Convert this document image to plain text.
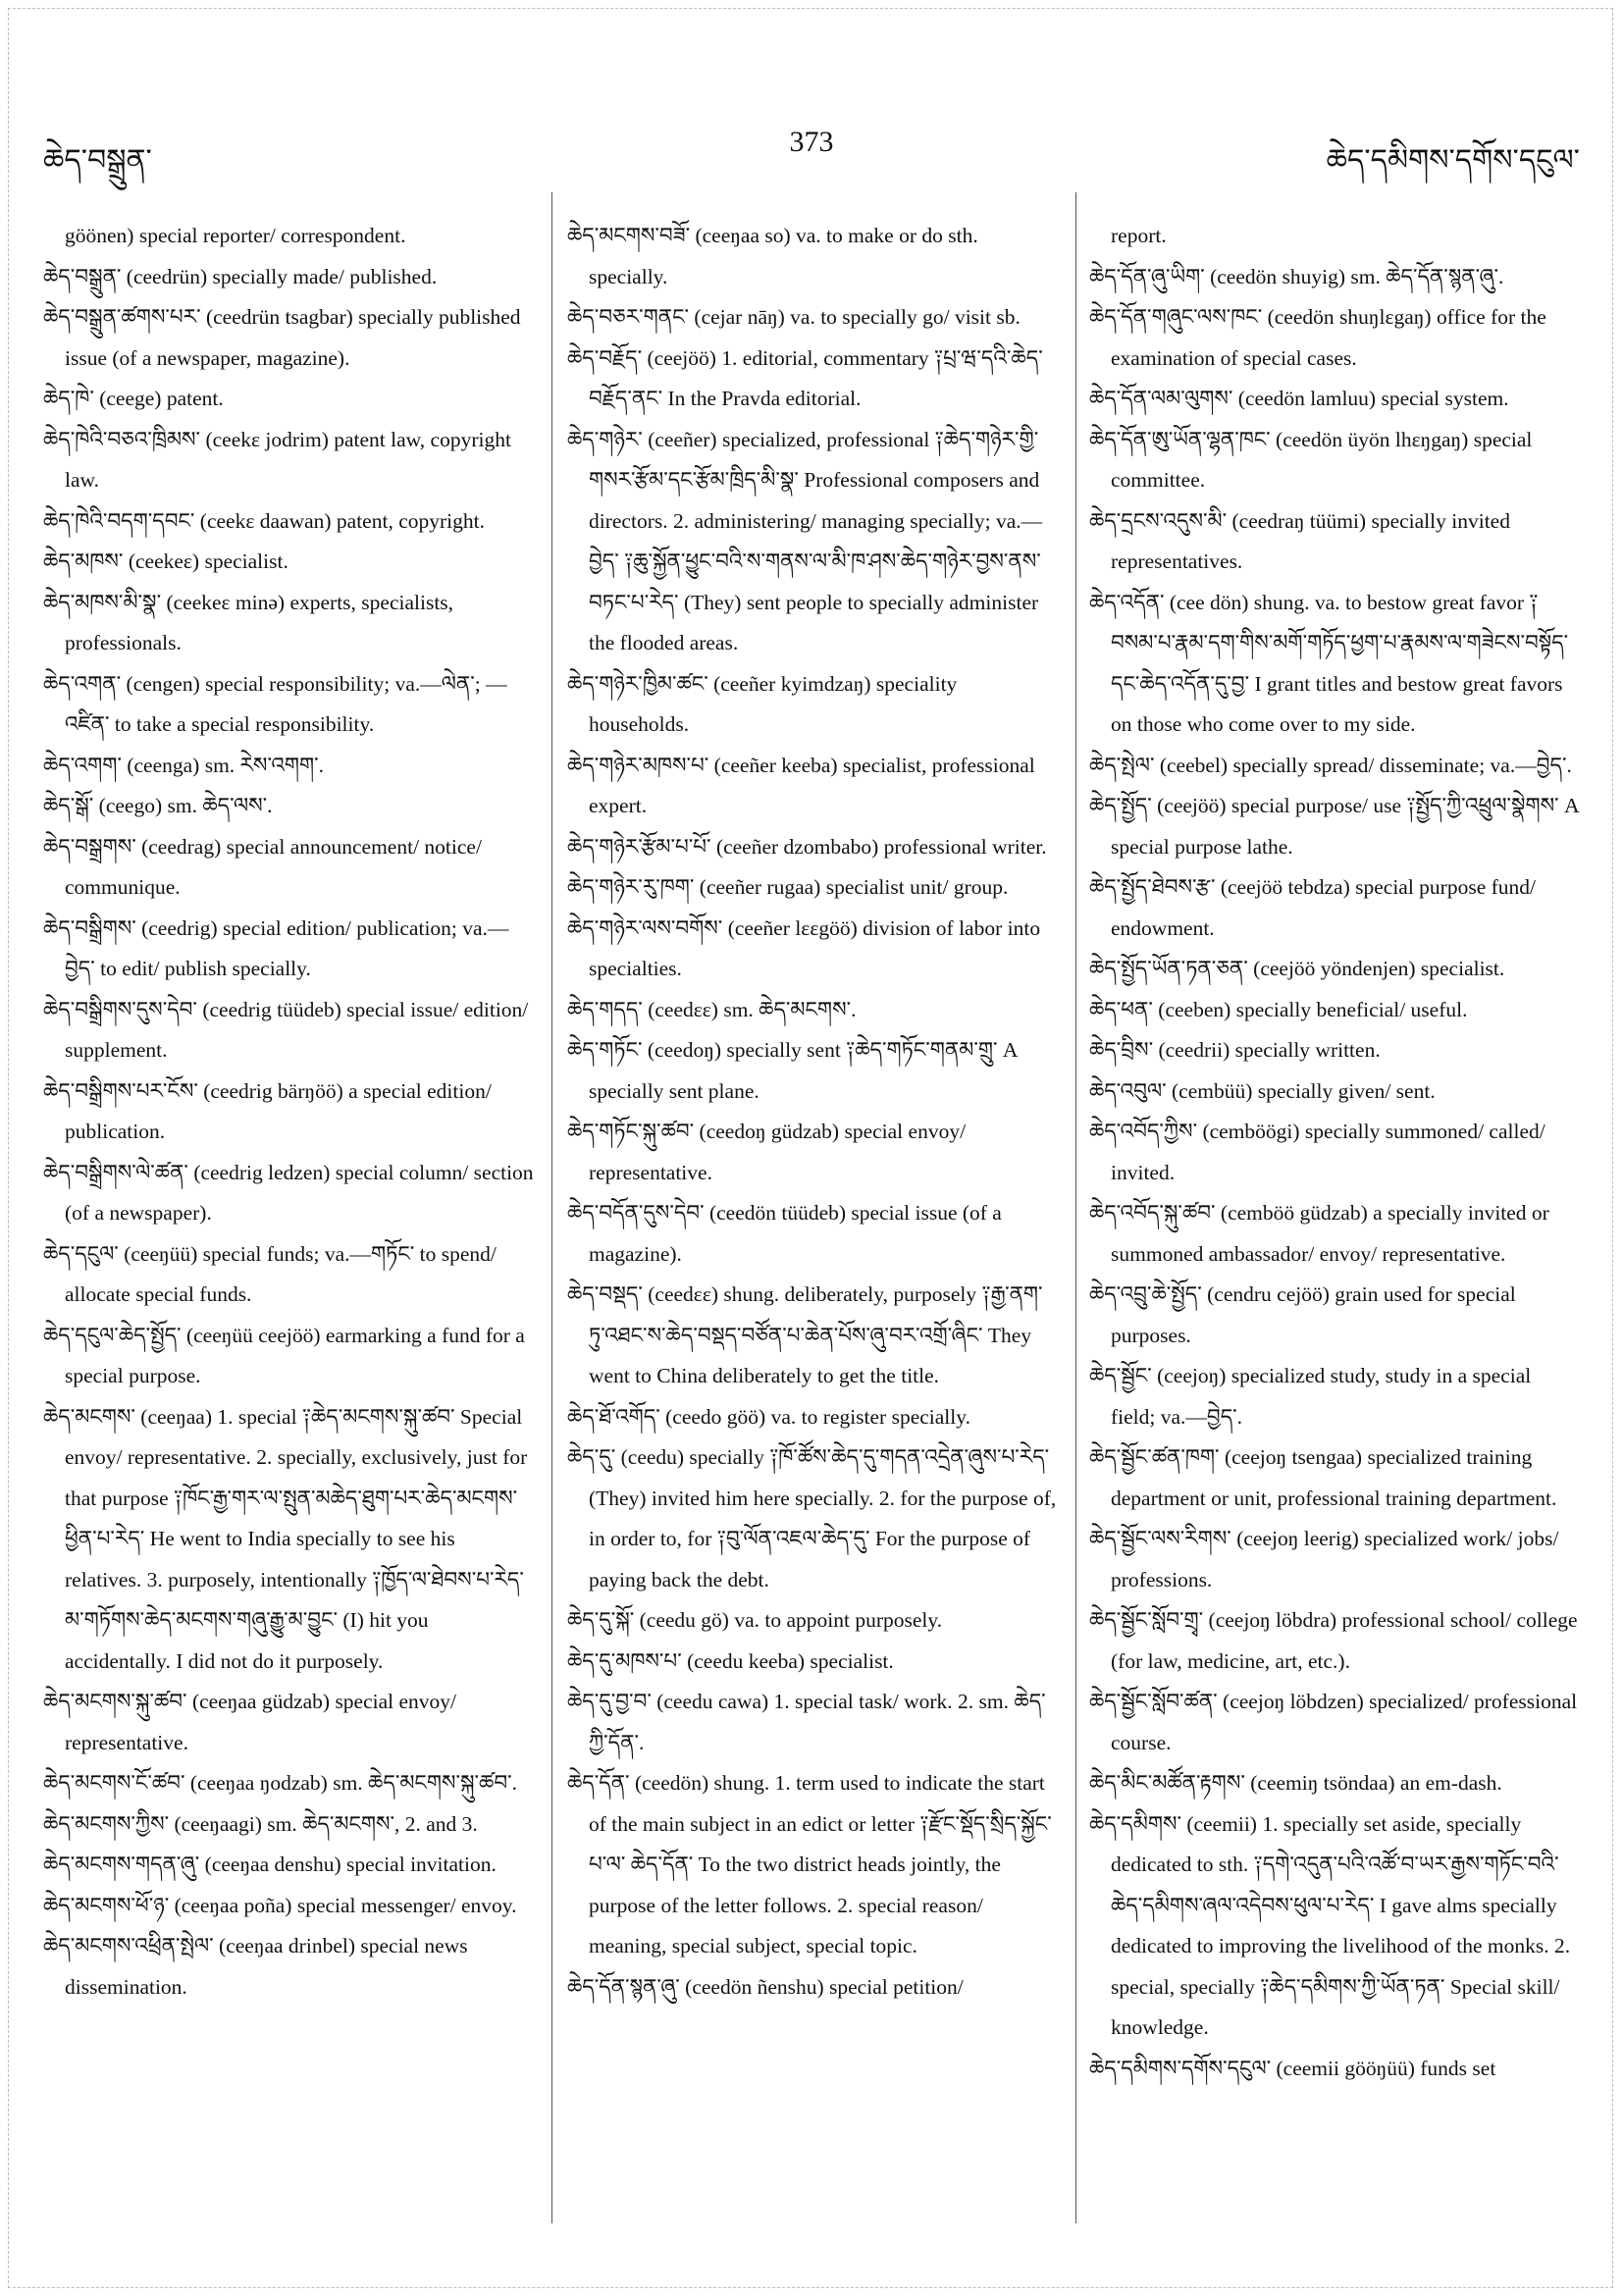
ཆེད་བསྒྲུན་
373
ཆེད་དམིགས་དགོས་དངུལ་

göönen) special reporter/ correspondent.

ཆེད་བསྒྲུན་ (ceedrün) specially made/ published.

ཆེད་བསྒྲུན་ཚགས་པར་ (ceedrün tsagbar) specially published issue (of a newspaper, magazine).

ཆེད་ཁེ་ (ceege) patent.

ཆེད་ཁེའི་བཅའ་ཁྲིམས་ (ceekɛ jodrim) patent law, copyright law.

ཆེད་ཁེའི་བདག་དབང་ (ceekɛ daawan) patent, copyright.

ཆེད་མཁས་ (ceekeɛ) specialist.

ཆེད་མཁས་མི་སྣ་ (ceekeɛ minə) experts, specialists, professionals.

ཆེད་འགན་ (cengen) special responsibility; va.—ལེན་; —འཛིན་ to take a special responsibility.

ཆེད་འགག་ (ceenga) sm. རེས་འགག་.

ཆེད་སྒོ་ (ceego) sm. ཆེད་ལས་.

ཆེད་བསྒྲགས་ (ceedrag) special announcement/ notice/ communique.

ཆེད་བསྒྲིགས་ (ceedrig) special edition/ publication; va.—བྱེད་ to edit/ publish specially.

ཆེད་བསྒྲིགས་དུས་དེབ་ (ceedrig tüüdeb) special issue/ edition/ supplement.

ཆེད་བསྒྲིགས་པར་ངོས་ (ceedrig bärŋöö) a special edition/ publication.

ཆེད་བསྒྲིགས་ལེ་ཚན་ (ceedrig ledzen) special column/ section (of a newspaper).

ཆེད་དངུལ་ (ceeŋüü) special funds; va.—གཏོང་ to spend/ allocate special funds.

ཆེད་དངུལ་ཆེད་སྤྱོད་ (ceeŋüü ceejöö) earmarking a fund for a special purpose.

ཆེད་མངགས་ (ceeŋaa) 1. special ༑ཆེད་མངགས་སྐུ་ཚབ་ Special envoy/ representative. 2. specially, exclusively, just for that purpose ༑ཁོང་རྒྱ་གར་ལ་སྤུན་མཆེད་ཐུག་པར་ཆེད་མངགས་ཕྱིན་པ་རེད་ He went to India specially to see his relatives. 3. purposely, intentionally ༑ཁྱོད་ལ་ཐེབས་པ་རེད་མ་གཏོགས་ཆེད་མངགས་གཞུ་རྒྱུ་མ་བྱུང་ (I) hit you accidentally. I did not do it purposely.

ཆེད་མངགས་སྐུ་ཚབ་ (ceeŋaa güdzab) special envoy/ representative.

ཆེད་མངགས་ངོ་ཚབ་ (ceeŋaa ŋodzab) sm. ཆེད་མངགས་སྐུ་ཚབ་.

ཆེད་མངགས་ཀྱིས་ (ceeŋaagi) sm. ཆེད་མངགས་, 2. and 3.

ཆེད་མངགས་གདན་ཞུ་ (ceeŋaa denshu) special invitation.

ཆེད་མངགས་ཕོ་ཉ་ (ceeŋaa poña) special messenger/ envoy.

ཆེད་མངགས་འཕྲིན་སྤེལ་ (ceeŋaa drinbel) special news dissemination.

ཆེད་མངགས་བཟོ་ (ceeŋaa so) va. to make or do sth. specially.

ཆེད་བཅར་གནང་ (cejar nāŋ) va. to specially go/ visit sb.

ཆེད་བརྗོད་ (ceejöö) 1. editorial, commentary ༑པྲ་ཝ་དའི་ཆེད་བརྗོད་ནང་ In the Pravda editorial.

ཆེད་གཉེར་ (ceeñer) specialized, professional ༑ཆེད་གཉེར་གྱི་གསར་རྩོམ་དང་རྩོམ་ཁྲིད་མི་སྣ་ Professional composers and directors. 2. administering/ managing specially; va.—བྱེད་ ༑ཆུ་སྐྱོན་ཕྱུང་བའི་ས་གནས་ལ་མི་ཁ་ཤས་ཆེད་གཉེར་བྱས་ནས་བཏང་པ་རེད་ (They) sent people to specially administer the flooded areas.

ཆེད་གཉེར་ཁྱིམ་ཚང་ (ceeñer kyimdzaŋ) speciality households.

ཆེད་གཉེར་མཁས་པ་ (ceeñer keeba) specialist, professional expert.

ཆེད་གཉེར་རྩོམ་པ་པོ་ (ceeñer dzombabo) professional writer.

ཆེད་གཉེར་རུ་ཁག་ (ceeñer rugaa) specialist unit/ group.

ཆེད་གཉེར་ལས་བགོས་ (ceeñer lɛɛgöö) division of labor into specialties.

ཆེད་གདད་ (ceedɛɛ) sm. ཆེད་མངགས་.

ཆེད་གཏོང་ (ceedoŋ) specially sent ༑ཆེད་གཏོང་གནམ་གྲུ་ A specially sent plane.

ཆེད་གཏོང་སྐུ་ཚབ་ (ceedoŋ güdzab) special envoy/ representative.

ཆེད་བདོན་དུས་དེབ་ (ceedön tüüdeb) special issue (of a magazine).

ཆེད་བསྡད་ (ceedɛɛ) shung. deliberately, purposely ༑རྒྱ་ནག་ཏུ་འཐང་ས་ཆེད་བསྡད་བཙོན་པ་ཆེན་པོས་ཞུ་བར་འགྲོ་ཞིང་ They went to China deliberately to get the title.

ཆེད་ཐོ་འགོད་ (ceedo göö) va. to register specially.

ཆེད་དུ་ (ceedu) specially ༑ཁོ་ཚོས་ཆེད་དུ་གདན་འདྲེན་ཞུས་པ་རེད་ (They) invited him here specially. 2. for the purpose of, in order to, for ༑བུ་ལོན་འཇལ་ཆེད་དུ་ For the purpose of paying back the debt.

ཆེད་དུ་སྐོ་ (ceedu gö) va. to appoint purposely.

ཆེད་དུ་མཁས་པ་ (ceedu keeba) specialist.

ཆེད་དུ་བྱ་བ་ (ceedu cawa) 1. special task/ work. 2. sm. ཆེད་ཀྱི་དོན་.

ཆེད་དོན་ (ceedön) shung. 1. term used to indicate the start of the main subject in an edict or letter ༑རྫོང་སྡོད་སྲིད་སྐྱོང་པ་ལ་ ཆེད་དོན་ To the two district heads jointly, the purpose of the letter follows. 2. special reason/ meaning, special subject, special topic.

ཆེད་དོན་སྙན་ཞུ་ (ceedön ñenshu) special petition/

report.

ཆེད་དོན་ཞུ་ཡིག་ (ceedön shuyig) sm. ཆེད་དོན་སྙན་ཞུ་.

ཆེད་དོན་གཞུང་ལས་ཁང་ (ceedön shuŋlɛgaŋ) office for the examination of special cases.

ཆེད་དོན་ལམ་ལུགས་ (ceedön lamluu) special system.

ཆེད་དོན་ཨུ་ཡོན་ལྷན་ཁང་ (ceedön üyön lhɛŋgaŋ) special committee.

ཆེད་དྲངས་འདུས་མི་ (ceedraŋ tüümi) specially invited representatives.

ཆེད་འདོན་ (cee dön) shung. va. to bestow great favor ༑བསམ་པ་རྣམ་དག་གིས་མགོ་གཏོད་ཕྱག་པ་རྣམས་ལ་གཟེངས་བསྟོད་དང་ཆེད་འདོན་དུ་བྱ་ I grant titles and bestow great favors on those who come over to my side.

ཆེད་སྤེལ་ (ceebel) specially spread/ disseminate; va.—བྱེད་.

ཆེད་སྤྱོད་ (ceejöö) special purpose/ use ༑སྤྱོད་ཀྱི་འཕྲུལ་སྣེགས་ A special purpose lathe.

ཆེད་སྤྱོད་ཐེབས་རྩ་ (ceejöö tebdza) special purpose fund/ endowment.

ཆེད་སྤྱོད་ཡོན་ཏན་ཅན་ (ceejöö yöndenjen) specialist.

ཆེད་ཕན་ (ceeben) specially beneficial/ useful.

ཆེད་བྲིས་ (ceedrii) specially written.

ཆེད་འབུལ་ (cembüü) specially given/ sent.

ཆེད་འབོད་ཀྱིས་ (cemböögi) specially summoned/ called/ invited.

ཆེད་འབོད་སྐུ་ཚབ་ (cemböö güdzab) a specially invited or summoned ambassador/ envoy/ representative.

ཆེད་འབྲུ་ཆེ་སྤྱོད་ (cendru cejöö) grain used for special purposes.

ཆེད་སྦྱོང་ (ceejoŋ) specialized study, study in a special field; va.—བྱེད་.

ཆེད་སྦྱོང་ཚན་ཁག་ (ceejoŋ tsengaa) specialized training department or unit, professional training department.

ཆེད་སྦྱོང་ལས་རིགས་ (ceejoŋ leerig) specialized work/ jobs/ professions.

ཆེད་སྦྱོང་སློབ་གྲྭ་ (ceejoŋ löbdra) professional school/ college (for law, medicine, art, etc.).

ཆེད་སྦྱོང་སློབ་ཚན་ (ceejoŋ löbdzen) specialized/ professional course.

ཆེད་མིང་མཚོན་རྟགས་ (ceemiŋ tsöndaa) an em-dash.

ཆེད་དམིགས་ (ceemii) 1. specially set aside, specially dedicated to sth. ༑དགེ་འདུན་པའི་འཚོ་བ་ཡར་རྒྱས་གཏོང་བའི་ཆེད་དམིགས་ཞལ་འདེབས་ཕུལ་པ་རེད་ I gave alms specially dedicated to improving the livelihood of the monks. 2. special, specially ༑ཆེད་དམིགས་ཀྱི་ཡོན་ཏན་ Special skill/ knowledge.

ཆེད་དམིགས་དགོས་དངུལ་ (ceemii gööŋüü) funds set
